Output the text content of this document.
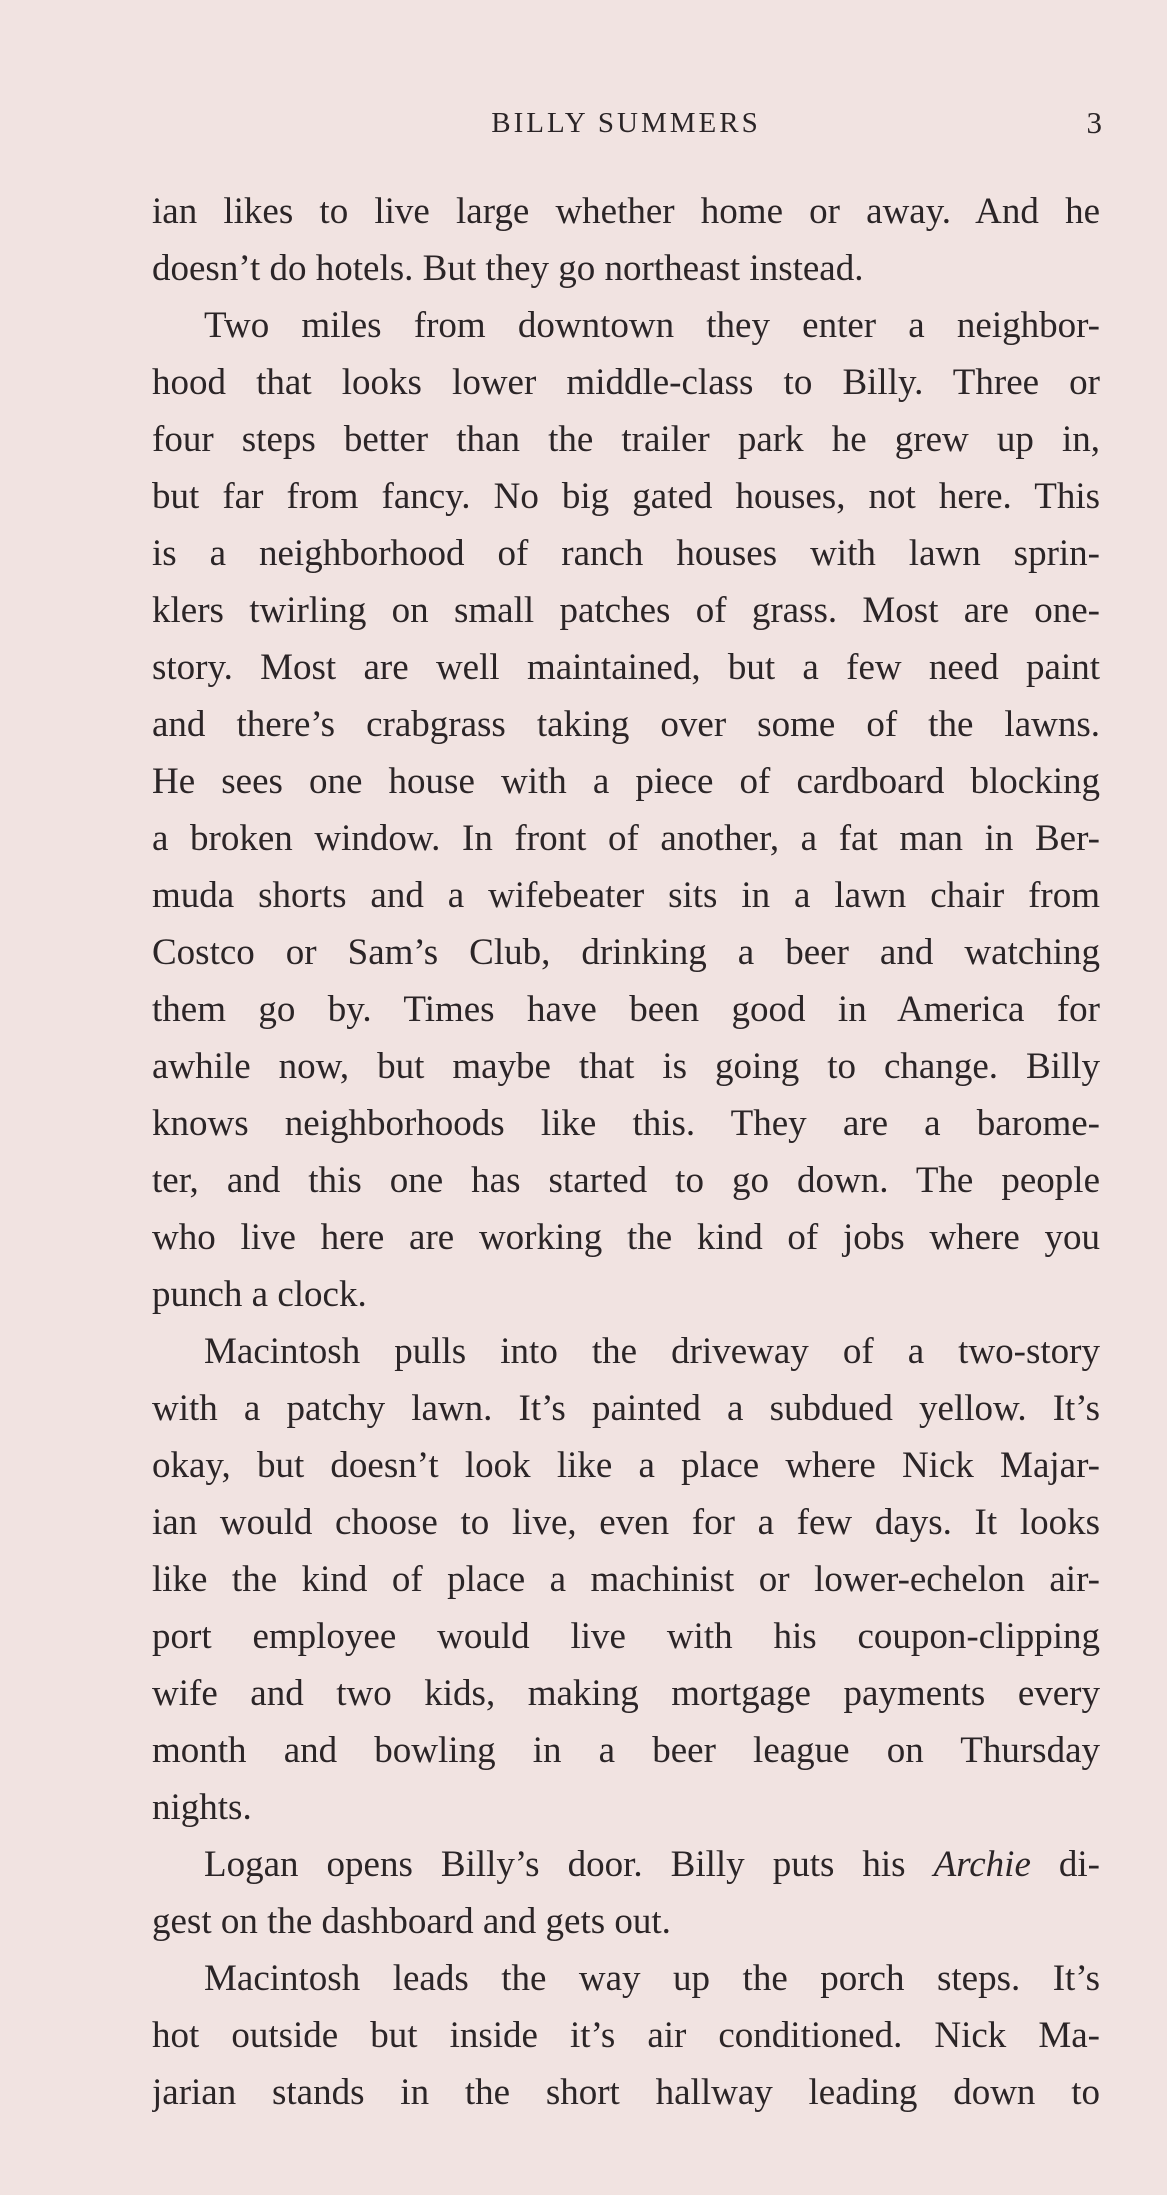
BILLY SUMMERS	3
ian likes to live large whether home or away. And he
doesn’t do hotels. But they go northeast instead.
Two miles from downtown they enter a neighbor-
hood that looks lower middle-class to Billy. Three or
four steps better than the trailer park he grew up in,
but far from fancy. No big gated houses, not here. This
is a neighborhood of ranch houses with lawn sprin-
klers twirling on small patches of grass. Most are one-
story. Most are well maintained, but a few need paint
and there’s crabgrass taking over some of the lawns.
He sees one house with a piece of cardboard blocking
a broken window. In front of another, a fat man in Ber-
muda shorts and a wifebeater sits in a lawn chair from
Costco or Sam’s Club, drinking a beer and watching
them go by. Times have been good in America for
awhile now, but maybe that is going to change. Billy
knows neighborhoods like this. They are a barome-
ter, and this one has started to go down. The people
who live here are working the kind of jobs where you
punch a clock.
Macintosh pulls into the driveway of a two-story
with a patchy lawn. It’s painted a subdued yellow. It’s
okay, but doesn’t look like a place where Nick Majar-
ian would choose to live, even for a few days. It looks
like the kind of place a machinist or lower-echelon air-
port employee would live with his coupon-clipping
wife and two kids, making mortgage payments every
month and bowling in a beer league on Thursday
nights.
Logan opens Billy’s door. Billy puts his Archie di-
gest on the dashboard and gets out.
Macintosh leads the way up the porch steps. It’s
hot outside but inside it’s air conditioned. Nick Ma-
jarian stands in the short hallway leading down to
